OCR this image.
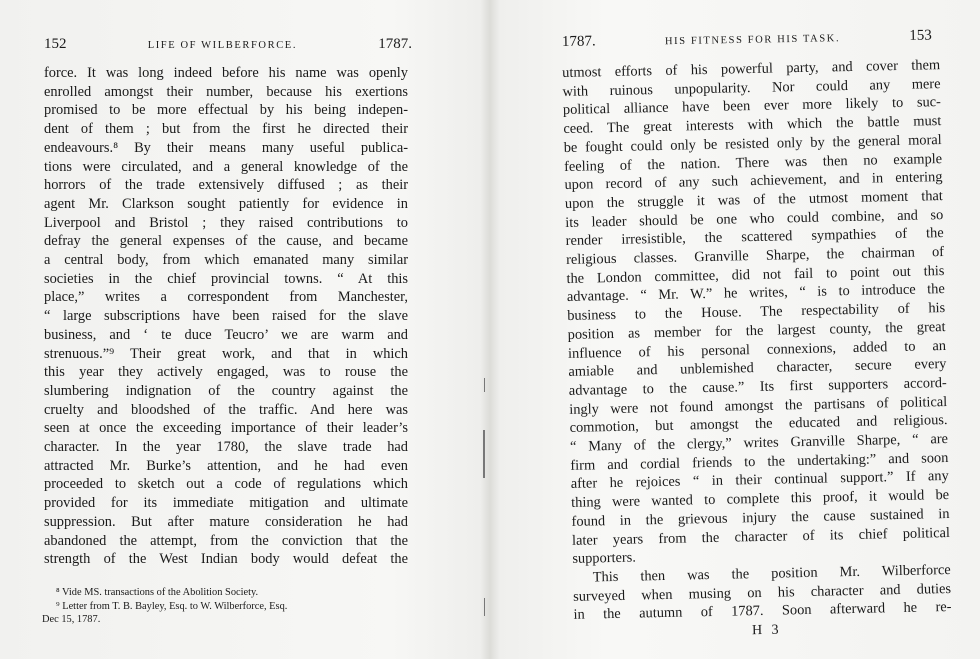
152	LIFE OF WILBERFORCE.	1787.
force. It was long indeed before his name was openly
enrolled amongst their number, because his exertions
promised to be more effectual by his being indepen-
dent of them ; but from the first he directed their
endeavours.⁸ By their means many useful publica-
tions were circulated, and a general knowledge of the
horrors of the trade extensively diffused ; as their
agent Mr. Clarkson sought patiently for evidence in
Liverpool and Bristol ; they raised contributions to
defray the general expenses of the cause, and became
a central body, from which emanated many similar
societies in the chief provincial towns. “ At this
place,” writes a correspondent from Manchester,
“ large subscriptions have been raised for the slave
business, and ‘ te duce Teucro’ we are warm and
strenuous.”⁹ Their great work, and that in which
this year they actively engaged, was to rouse the
slumbering indignation of the country against the
cruelty and bloodshed of the traffic. And here was
seen at once the exceeding importance of their leader’s
character. In the year 1780, the slave trade had
attracted Mr. Burke’s attention, and he had even
proceeded to sketch out a code of regulations which
provided for its immediate mitigation and ultimate
suppression. But after mature consideration he had
abandoned the attempt, from the conviction that the
strength of the West Indian body would defeat the
⁸ Vide MS. transactions of the Abolition Society.
⁹ Letter from T. B. Bayley, Esq. to W. Wilberforce, Esq.
Dec 15, 1787.
1787.	HIS FITNESS FOR HIS TASK.	153
utmost efforts of his powerful party, and cover them
with ruinous unpopularity. Nor could any mere
political alliance have been ever more likely to suc-
ceed. The great interests with which the battle must
be fought could only be resisted only by the general moral
feeling of the nation. There was then no example
upon record of any such achievement, and in entering
upon the struggle it was of the utmost moment that
its leader should be one who could combine, and so
render irresistible, the scattered sympathies of the
religious classes. Granville Sharpe, the chairman of
the London committee, did not fail to point out this
advantage. “ Mr. W.” he writes, “ is to introduce the
business to the House. The respectability of his
position as member for the largest county, the great
influence of his personal connexions, added to an
amiable and unblemished character, secure every
advantage to the cause.” Its first supporters accord-
ingly were not found amongst the partisans of political
commotion, but amongst the educated and religious.
“ Many of the clergy,” writes Granville Sharpe, “ are
firm and cordial friends to the undertaking:” and soon
after he rejoices “ in their continual support.” If any
thing were wanted to complete this proof, it would be
found in the grievous injury the cause sustained in
later years from the character of its chief political
supporters.
This then was the position Mr. Wilberforce
surveyed when musing on his character and duties
in the autumn of 1787. Soon afterward he re-
H 3
